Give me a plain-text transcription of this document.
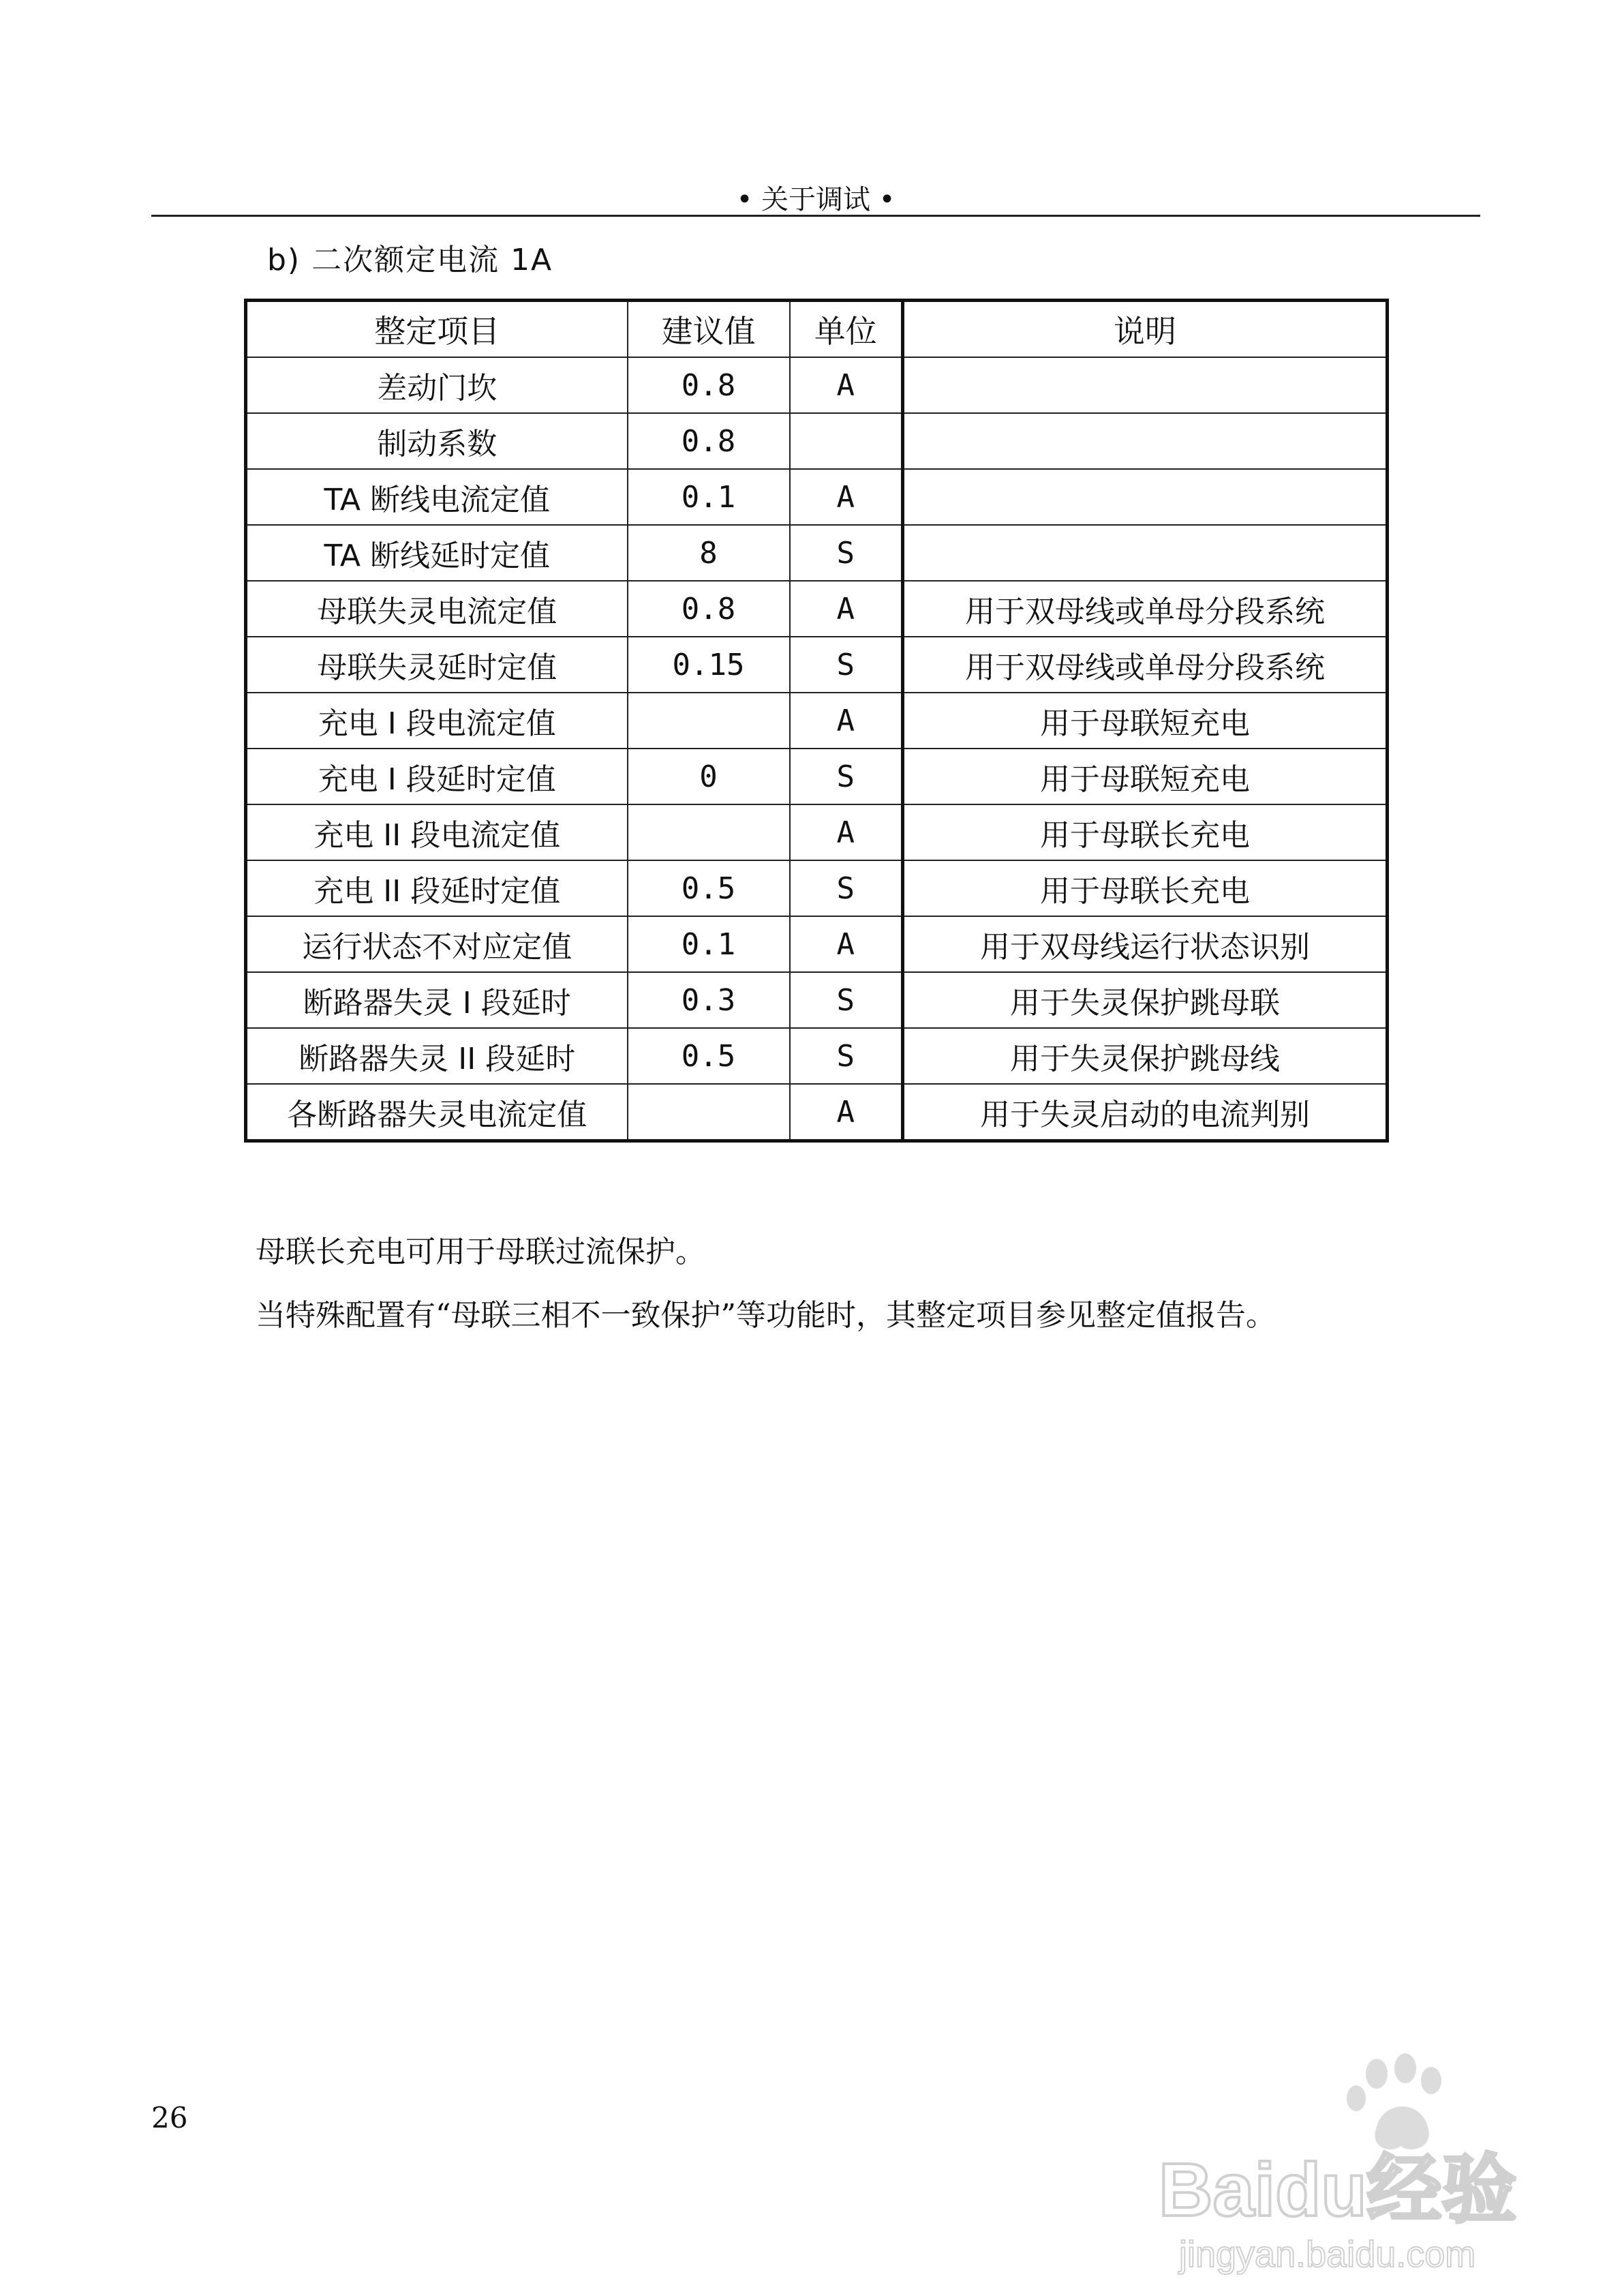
• 关于调试 •
b) 二次额定电流 1A
整定项目	建议值	单位	说明
差动门坎	0.8	A	
制动系数	0.8		
TA 断线电流定值	0.1	A	
TA 断线延时定值	8	S	
母联失灵电流定值	0.8	A	用于双母线或单母分段系统
母联失灵延时定值	0.15	S	用于双母线或单母分段系统
充电 I 段电流定值		A	用于母联短充电
充电 I 段延时定值	0	S	用于母联短充电
充电 II 段电流定值		A	用于母联长充电
充电 II 段延时定值	0.5	S	用于母联长充电
运行状态不对应定值	0.1	A	用于双母线运行状态识别
断路器失灵 I 段延时	0.3	S	用于失灵保护跳母联
断路器失灵 II 段延时	0.5	S	用于失灵保护跳母线
各断路器失灵电流定值		A	用于失灵启动的电流判别
母联长充电可用于母联过流保护。
当特殊配置有“母联三相不一致保护”等功能时，其整定项目参见整定值报告。
26
Baidu经验
jingyan.baidu.com
